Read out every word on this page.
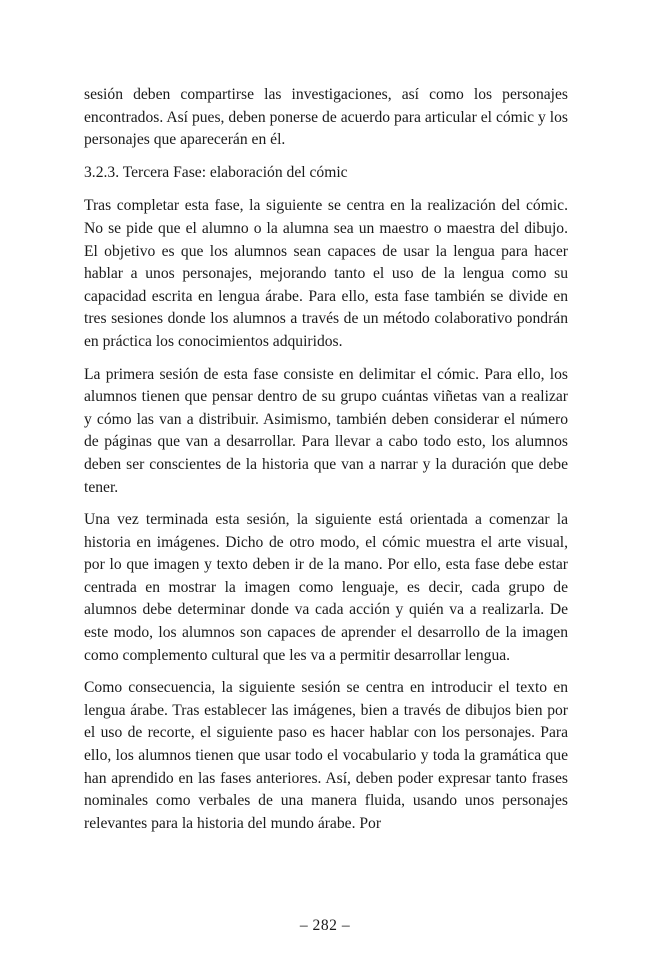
sesión deben compartirse las investigaciones, así como los personajes encontrados. Así pues, deben ponerse de acuerdo para articular el cómic y los personajes que aparecerán en él.

3.2.3. Tercera Fase: elaboración del cómic

Tras completar esta fase, la siguiente se centra en la realización del cómic. No se pide que el alumno o la alumna sea un maestro o maestra del dibujo. El objetivo es que los alumnos sean capaces de usar la lengua para hacer hablar a unos personajes, mejorando tanto el uso de la lengua como su capacidad escrita en lengua árabe. Para ello, esta fase también se divide en tres sesiones donde los alumnos a través de un método colaborativo pondrán en práctica los conocimientos adquiridos.

La primera sesión de esta fase consiste en delimitar el cómic. Para ello, los alumnos tienen que pensar dentro de su grupo cuántas viñetas van a realizar y cómo las van a distribuir. Asimismo, también deben considerar el número de páginas que van a desarrollar. Para llevar a cabo todo esto, los alumnos deben ser conscientes de la historia que van a narrar y la duración que debe tener.

Una vez terminada esta sesión, la siguiente está orientada a comenzar la historia en imágenes. Dicho de otro modo, el cómic muestra el arte visual, por lo que imagen y texto deben ir de la mano. Por ello, esta fase debe estar centrada en mostrar la imagen como lenguaje, es decir, cada grupo de alumnos debe determinar donde va cada acción y quién va a realizarla. De este modo, los alumnos son capaces de aprender el desarrollo de la imagen como complemento cultural que les va a permitir desarrollar lengua.

Como consecuencia, la siguiente sesión se centra en introducir el texto en lengua árabe. Tras establecer las imágenes, bien a través de dibujos bien por el uso de recorte, el siguiente paso es hacer hablar con los personajes. Para ello, los alumnos tienen que usar todo el vocabulario y toda la gramática que han aprendido en las fases anteriores. Así, deben poder expresar tanto frases nominales como verbales de una manera fluida, usando unos personajes relevantes para la historia del mundo árabe. Por

– 282 –
